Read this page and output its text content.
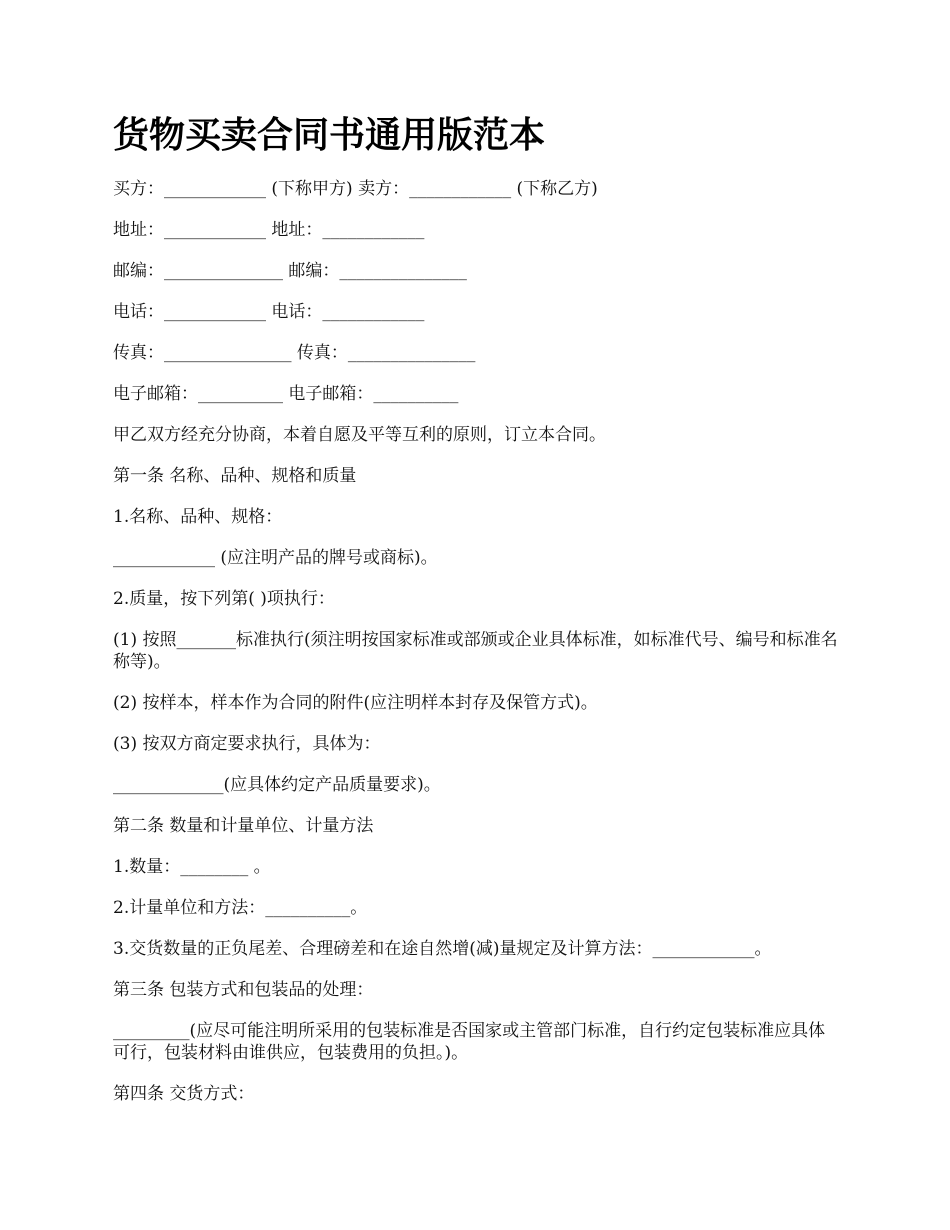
货物买卖合同书通用版范本

买方：____________ (下称甲方) 卖方：____________ (下称乙方)

地址：____________ 地址：____________

邮编：______________ 邮编：_______________

电话：____________ 电话：____________

传真：_______________ 传真：_______________

电子邮箱：__________ 电子邮箱：__________

甲乙双方经充分协商，本着自愿及平等互利的原则，订立本合同。

第一条 名称、品种、规格和质量

1.名称、品种、规格：

____________ (应注明产品的牌号或商标)。

2.质量，按下列第( )项执行：

(1) 按照_______标准执行(须注明按国家标准或部颁或企业具体标准，如标准代号、编号和标准名称等)。

(2) 按样本，样本作为合同的附件(应注明样本封存及保管方式)。

(3) 按双方商定要求执行，具体为：

_____________(应具体约定产品质量要求)。

第二条 数量和计量单位、计量方法

1.数量：________ 。

2.计量单位和方法：__________。

3.交货数量的正负尾差、合理磅差和在途自然增(减)量规定及计算方法：____________。

第三条 包装方式和包装品的处理：

_________(应尽可能注明所采用的包装标准是否国家或主管部门标准，自行约定包装标准应具体可行，包装材料由谁供应，包装费用的负担。)。

第四条 交货方式：
